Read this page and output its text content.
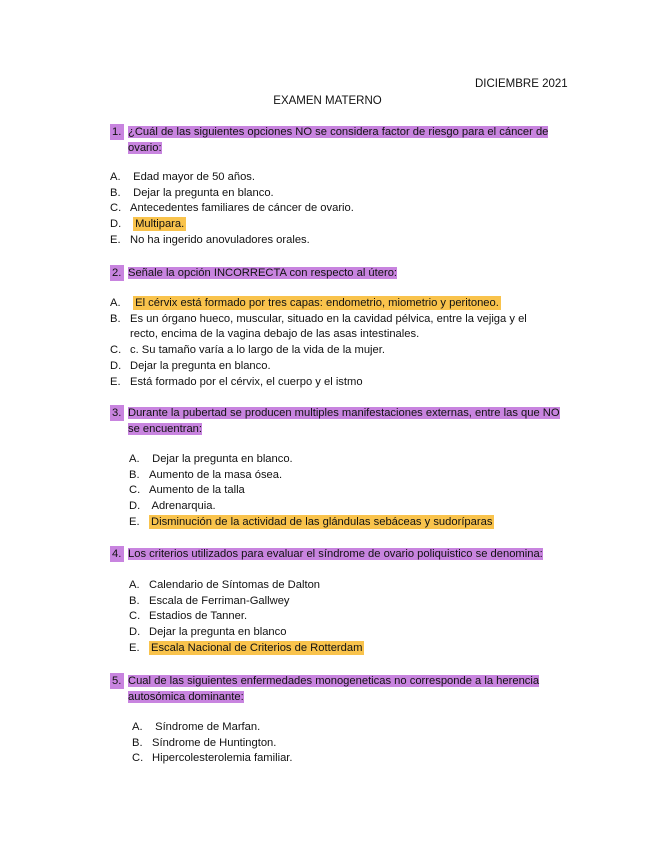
DICIEMBRE 2021
EXAMEN MATERNO
1. ¿Cuál de las siguientes opciones NO se considera factor de riesgo para el cáncer de ovario:
A. Edad mayor de 50 años.
B. Dejar la pregunta en blanco.
C. Antecedentes familiares de cáncer de ovario.
D. Multipara.
E. No ha ingerido anovuladores orales.
2. Señale la opción INCORRECTA con respecto al útero:
A. El cérvix está formado por tres capas: endometrio, miometrio y peritoneo.
B. Es un órgano hueco, muscular, situado en la cavidad pélvica, entre la vejiga y el recto, encima de la vagina debajo de las asas intestinales.
C. c. Su tamaño varía a lo largo de la vida de la mujer.
D. Dejar la pregunta en blanco.
E. Está formado por el cérvix, el cuerpo y el istmo
3. Durante la pubertad se producen multiples manifestaciones externas, entre las que NO se encuentran:
A. Dejar la pregunta en blanco.
B. Aumento de la masa ósea.
C. Aumento de la talla
D. Adrenarquia.
E. Disminución de la actividad de las glándulas sebáceas y sudoríparas
4. Los criterios utilizados para evaluar el síndrome de ovario poliquistico se denomina:
A. Calendario de Síntomas de Dalton
B. Escala de Ferriman-Gallwey
C. Estadios de Tanner.
D. Dejar la pregunta en blanco
E. Escala Nacional de Criterios de Rotterdam
5. Cual de las siguientes enfermedades monogeneticas no corresponde a la herencia autosómica dominante:
A. Síndrome de Marfan.
B. Síndrome de Huntington.
C. Hipercolesterolemia familiar.
